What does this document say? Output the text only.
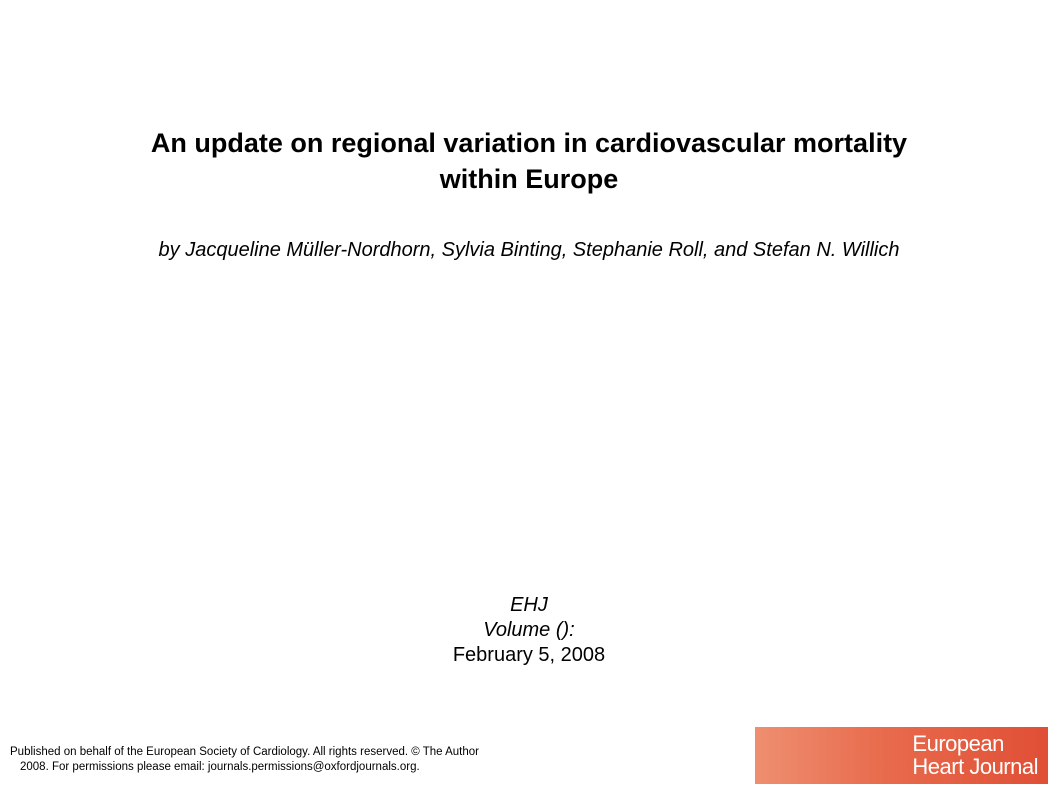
An update on regional variation in cardiovascular mortality
within Europe

by Jacqueline Müller-Nordhorn, Sylvia Binting, Stephanie Roll, and Stefan N. Willich

EHJ
Volume ():
February 5, 2008
Published on behalf of the European Society of Cardiology. All rights reserved. © The Author
2008. For permissions please email: journals.permissions@oxfordjournals.org.
European
Heart Journal
